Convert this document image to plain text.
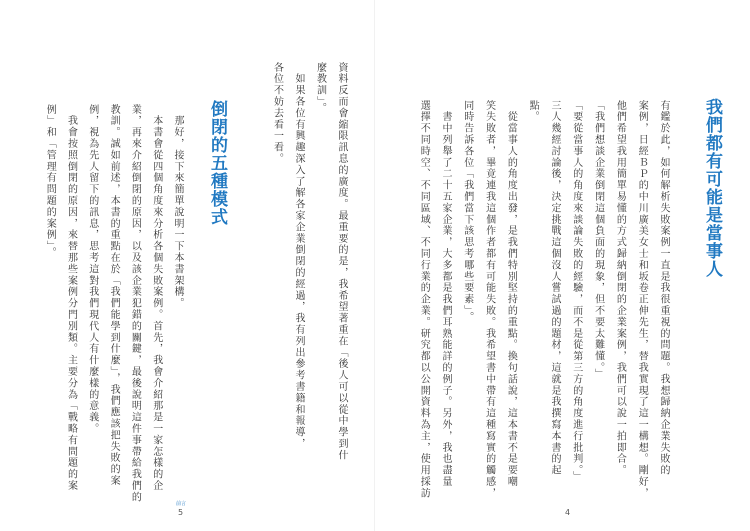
資料反而會縮限訊息的廣度。最重要的是，我希望著重在「後人可以從中學到什
麼教訓」。
　如果各位有興趣深入了解各家企業倒閉的經過，我有列出參考書籍和報導，
各位不妨去看一看。
倒閉的五種模式
　那好，接下來簡單說明一下本書架構。
　本書會從四個角度來分析各個失敗案例。首先，我會介紹那是一家怎樣的企
業，再來介紹倒閉的原因，以及該企業犯錯的關鍵，最後說明這件事帶給我們的
教訓。誠如前述，本書的重點在於「我們能學到什麼」，我們應該把失敗的案
例，視為先人留下的訊息，思考這對我們現代人有什麼樣的意義。
　我會按照倒閉的原因，來替那些案例分門別類。主要分為「戰略有問題的案
例」和「管理有問題的案例」。
前言
5
我們都有可能是當事人
有鑑於此，如何解析失敗案例一直是我很重視的問題。我想歸納企業失敗的
案例，日經ＢＰ的中川廣美女士和坂卷正伸先生，替我實現了這一構想。剛好，
他們希望我用簡單易懂的方式歸納倒閉的企業案例，我們可以說一拍即合。
「我們想談企業倒閉這個負面的現象，但不要太難懂。」
「要從當事人的角度來談論失敗的經驗，而不是從第三方的角度進行批判。」
三人幾經討論後，決定挑戰這個沒人嘗試過的題材，這就是我撰寫本書的起
點。
　從當事人的角度出發，是我們特別堅持的重點。換句話說，這本書不是要嘲
笑失敗者，畢竟連我這個作者都有可能失敗。我希望書中帶有這種寫實的觸感，
同時告訴各位「我們當下該思考哪些要素」。
　書中列舉了二十五家企業，大多都是我們耳熟能詳的例子。另外，我也盡量
選擇不同時空、不同區域、不同行業的企業。研究都以公開資料為主，使用採訪
4
